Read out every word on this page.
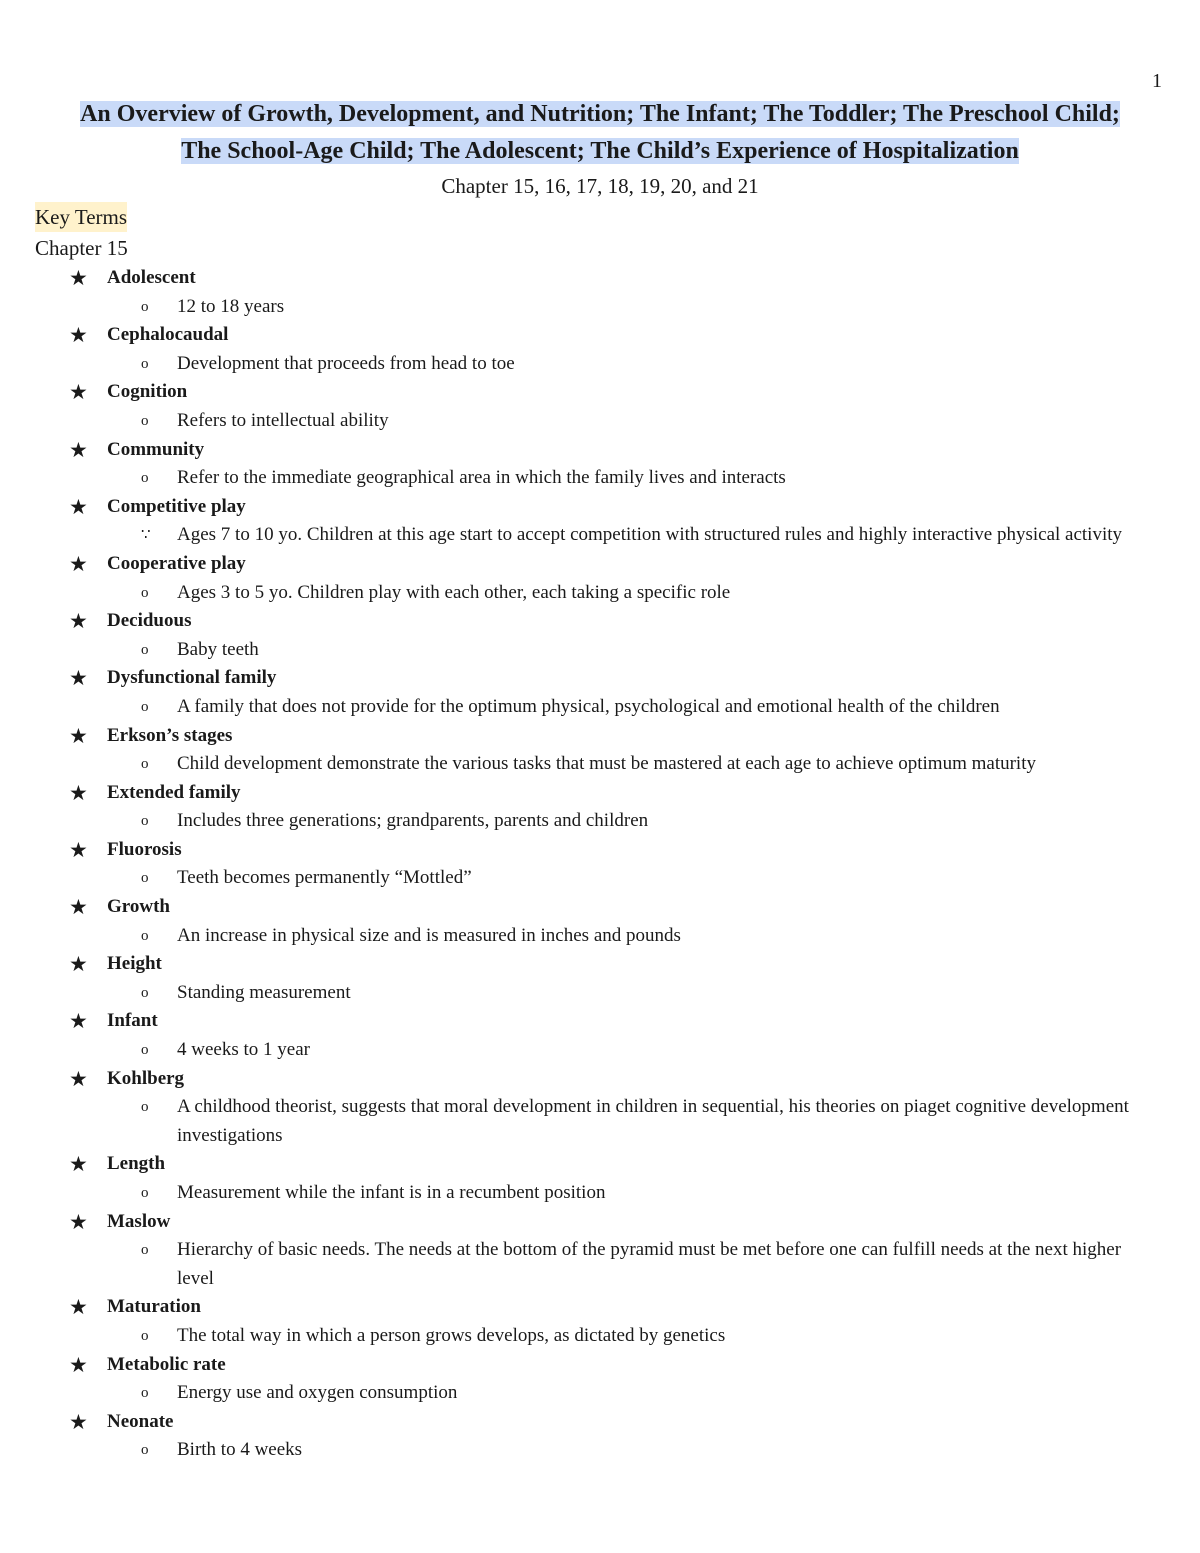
1
An Overview of Growth, Development, and Nutrition; The Infant; The Toddler; The Preschool Child;
The School-Age Child; The Adolescent; The Child’s Experience of Hospitalization
Chapter 15, 16, 17, 18, 19, 20, and 21
Key Terms
Chapter 15
★ Adolescent
o 12 to 18 years
★ Cephalocaudal
o Development that proceeds from head to toe
★ Cognition
o Refers to intellectual ability
★ Community
o Refer to the immediate geographical area in which the family lives and interacts
★ Competitive play
∵ Ages 7 to 10 yo. Children at this age start to accept competition with structured rules and highly interactive physical activity
★ Cooperative play
o Ages 3 to 5 yo. Children play with each other, each taking a specific role
★ Deciduous
o Baby teeth
★ Dysfunctional family
o A family that does not provide for the optimum physical, psychological and emotional health of the children
★ Erkson’s stages
o Child development demonstrate the various tasks that must be mastered at each age to achieve optimum maturity
★ Extended family
o Includes three generations; grandparents, parents and children
★ Fluorosis
o Teeth becomes permanently “Mottled”
★ Growth
o An increase in physical size and is measured in inches and pounds
★ Height
o Standing measurement
★ Infant
o 4 weeks to 1 year
★ Kohlberg
o A childhood theorist, suggests that moral development in children in sequential, his theories on piaget cognitive development investigations
★ Length
o Measurement while the infant is in a recumbent position
★ Maslow
o Hierarchy of basic needs. The needs at the bottom of the pyramid must be met before one can fulfill needs at the next higher level
★ Maturation
o The total way in which a person grows develops, as dictated by genetics
★ Metabolic rate
o Energy use and oxygen consumption
★ Neonate
o Birth to 4 weeks
